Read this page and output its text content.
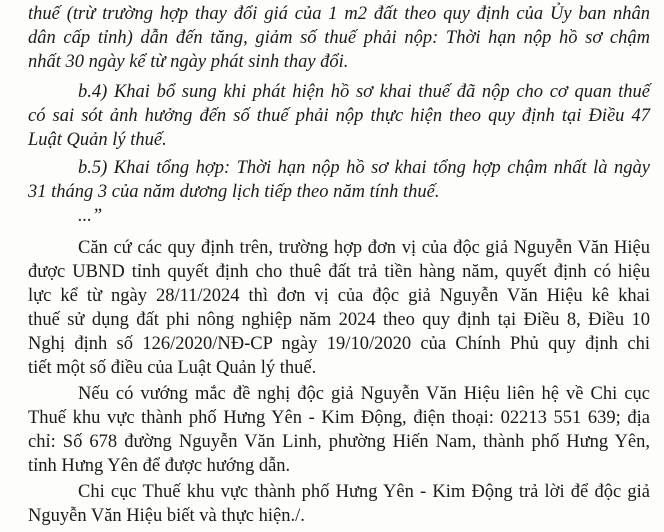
thuế (trừ trường hợp thay đổi giá của 1 m2 đất theo quy định của Ủy ban nhân
dân cấp tỉnh) dẫn đến tăng, giảm số thuế phải nộp: Thời hạn nộp hồ sơ chậm
nhất 30 ngày kể từ ngày phát sinh thay đổi.
b.4) Khai bổ sung khi phát hiện hồ sơ khai thuế đã nộp cho cơ quan thuế
có sai sót ảnh hưởng đến số thuế phải nộp thực hiện theo quy định tại Điều 47
Luật Quản lý thuế.
b.5) Khai tổng hợp: Thời hạn nộp hồ sơ khai tổng hợp chậm nhất là ngày
31 tháng 3 của năm dương lịch tiếp theo năm tính thuế.
...”
Căn cứ các quy định trên, trường hợp đơn vị của độc giả Nguyễn Văn Hiệu
được UBND tỉnh quyết định cho thuê đất trả tiền hàng năm, quyết định có hiệu
lực kể từ ngày 28/11/2024 thì đơn vị của độc giả Nguyễn Văn Hiệu kê khai
thuế sử dụng đất phi nông nghiệp năm 2024 theo quy định tại Điều 8, Điều 10
Nghị định số 126/2020/NĐ-CP ngày 19/10/2020 của Chính Phủ quy định chi
tiết một số điều của Luật Quản lý thuế.
Nếu có vướng mắc đề nghị độc giả Nguyễn Văn Hiệu liên hệ về Chi cục
Thuế khu vực thành phố Hưng Yên - Kim Động, điện thoại: 02213 551 639; địa
chỉ: Số 678 đường Nguyễn Văn Linh, phường Hiến Nam, thành phố Hưng Yên,
tỉnh Hưng Yên để được hướng dẫn.
Chi cục Thuế khu vực thành phố Hưng Yên - Kim Động trả lời để độc giả
Nguyễn Văn Hiệu biết và thực hiện./.
